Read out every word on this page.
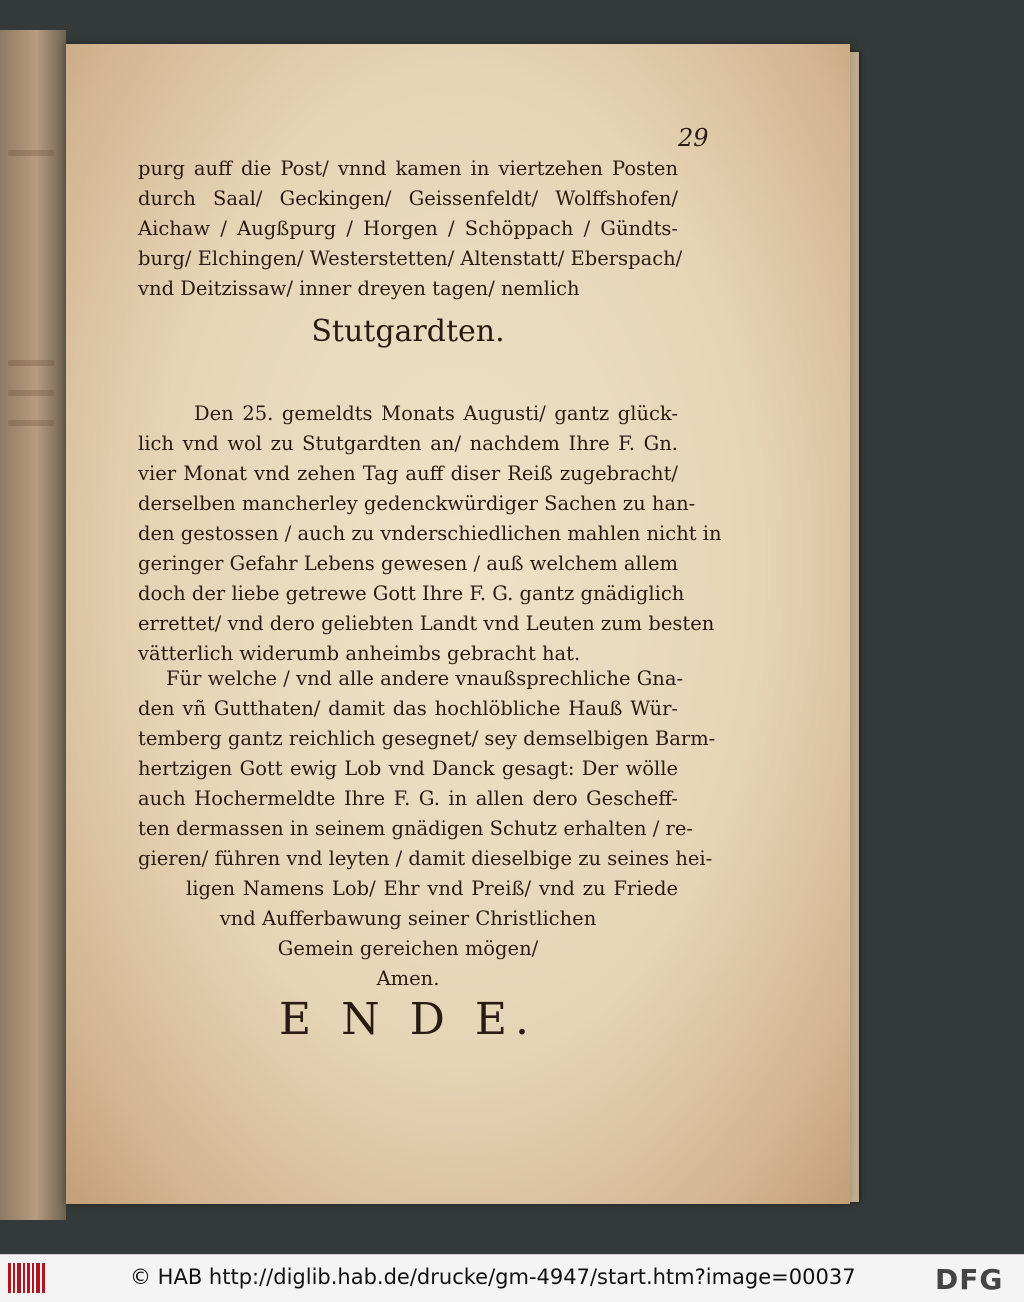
29
purg auff die Post/ vnnd kamen in viertzehen Posten
durch Saal/ Geckingen/ Geissenfeldt/ Wolffshofen/
Aichaw / Augßpurg / Horgen / Schöppach / Gündts-
burg/ Elchingen/ Westerstetten/ Altenstatt/ Eberspach/
vnd Deitzissaw/ inner dreyen tagen/ nemlich
Stutgardten.
Den 25. gemeldts Monats Augusti/ gantz glück-
lich vnd wol zu Stutgardten an/ nachdem Ihre F. Gn.
vier Monat vnd zehen Tag auff diser Reiß zugebracht/
derselben mancherley gedenckwürdiger Sachen zu han-
den gestossen / auch zu vnderschiedlichen mahlen nicht in
geringer Gefahr Lebens gewesen / auß welchem allem
doch der liebe getrewe Gott Ihre F. G. gantz gnädiglich
errettet/ vnd dero geliebten Landt vnd Leuten zum besten
vätterlich widerumb anheimbs gebracht hat.
Für welche / vnd alle andere vnaußsprechliche Gna-
den vñ Gutthaten/ damit das hochlöbliche Hauß Wür-
temberg gantz reichlich gesegnet/ sey demselbigen Barm-
hertzigen Gott ewig Lob vnd Danck gesagt: Der wölle
auch Hochermeldte Ihre F. G. in allen dero Gescheff-
ten dermassen in seinem gnädigen Schutz erhalten / re-
gieren/ führen vnd leyten / damit dieselbige zu seines hei-
ligen Namens Lob/ Ehr vnd Preiß/ vnd zu Friede
vnd Aufferbawung seiner Christlichen
Gemein gereichen mögen/
Amen.
E N D E.
© HAB http://diglib.hab.de/drucke/gm-4947/start.htm?image=00037	DFG
